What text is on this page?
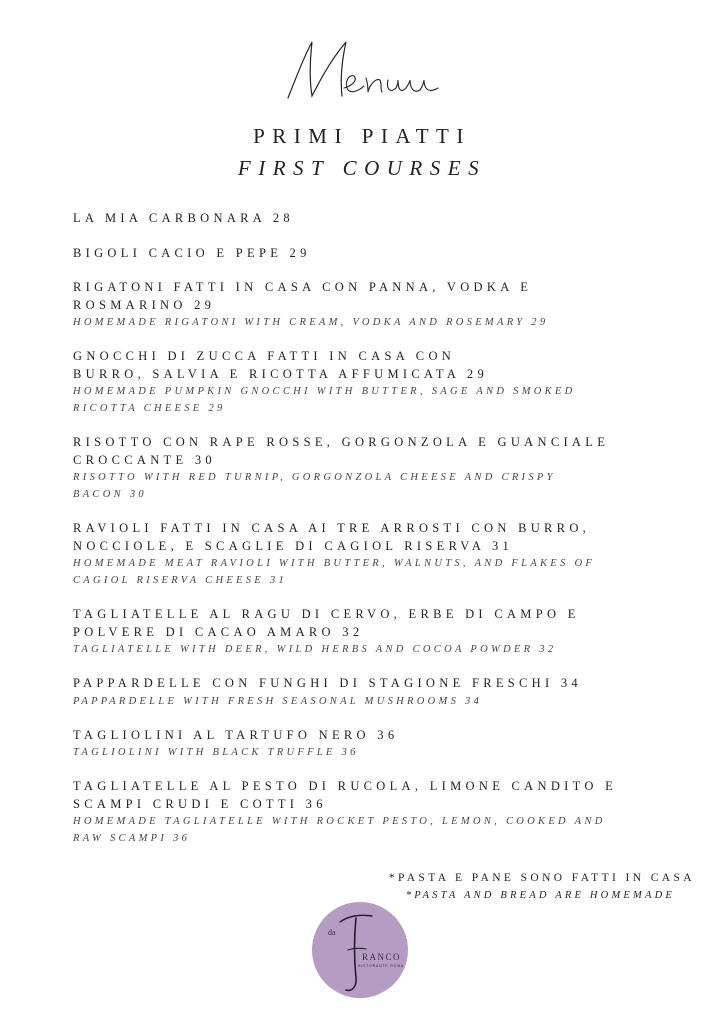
PRIMI PIATTI
FIRST COURSES
LA MIA CARBONARA 28
BIGOLI CACIO E PEPE 29
RIGATONI FATTI IN CASA CON PANNA, VODKA E
ROSMARINO 29
HOMEMADE RIGATONI WITH CREAM, VODKA AND ROSEMARY 29
GNOCCHI DI ZUCCA FATTI IN CASA CON
BURRO, SALVIA E RICOTTA AFFUMICATA 29
HOMEMADE PUMPKIN GNOCCHI WITH BUTTER, SAGE AND SMOKED
RICOTTA CHEESE 29
RISOTTO CON RAPE ROSSE, GORGONZOLA E GUANCIALE
CROCCANTE 30
RISOTTO WITH RED TURNIP, GORGONZOLA CHEESE AND CRISPY
BACON 30
RAVIOLI FATTI IN CASA AI TRE ARROSTI CON BURRO,
NOCCIOLE, E SCAGLIE DI CAGIOL RISERVA 31
HOMEMADE MEAT RAVIOLI WITH BUTTER, WALNUTS, AND FLAKES OF
CAGIOL RISERVA CHEESE 31
TAGLIATELLE AL RAGU DI CERVO, ERBE DI CAMPO E
POLVERE DI CACAO AMARO 32
TAGLIATELLE WITH DEER, WILD HERBS AND COCOA POWDER 32
PAPPARDELLE CON FUNGHI DI STAGIONE FRESCHI 34
PAPPARDELLE WITH FRESH SEASONAL MUSHROOMS 34
TAGLIOLINI AL TARTUFO NERO 36
TAGLIOLINI WITH BLACK TRUFFLE 36
TAGLIATELLE AL PESTO DI RUCOLA, LIMONE CANDITO E
SCAMPI CRUDI E COTTI 36
HOMEMADE TAGLIATELLE WITH ROCKET PESTO, LEMON, COOKED AND
RAW SCAMPI 36
*PASTA E PANE SONO FATTI IN CASA
*PASTA AND BREAD ARE HOMEMADE
da
RANCO
RISTORANTE ROMA
